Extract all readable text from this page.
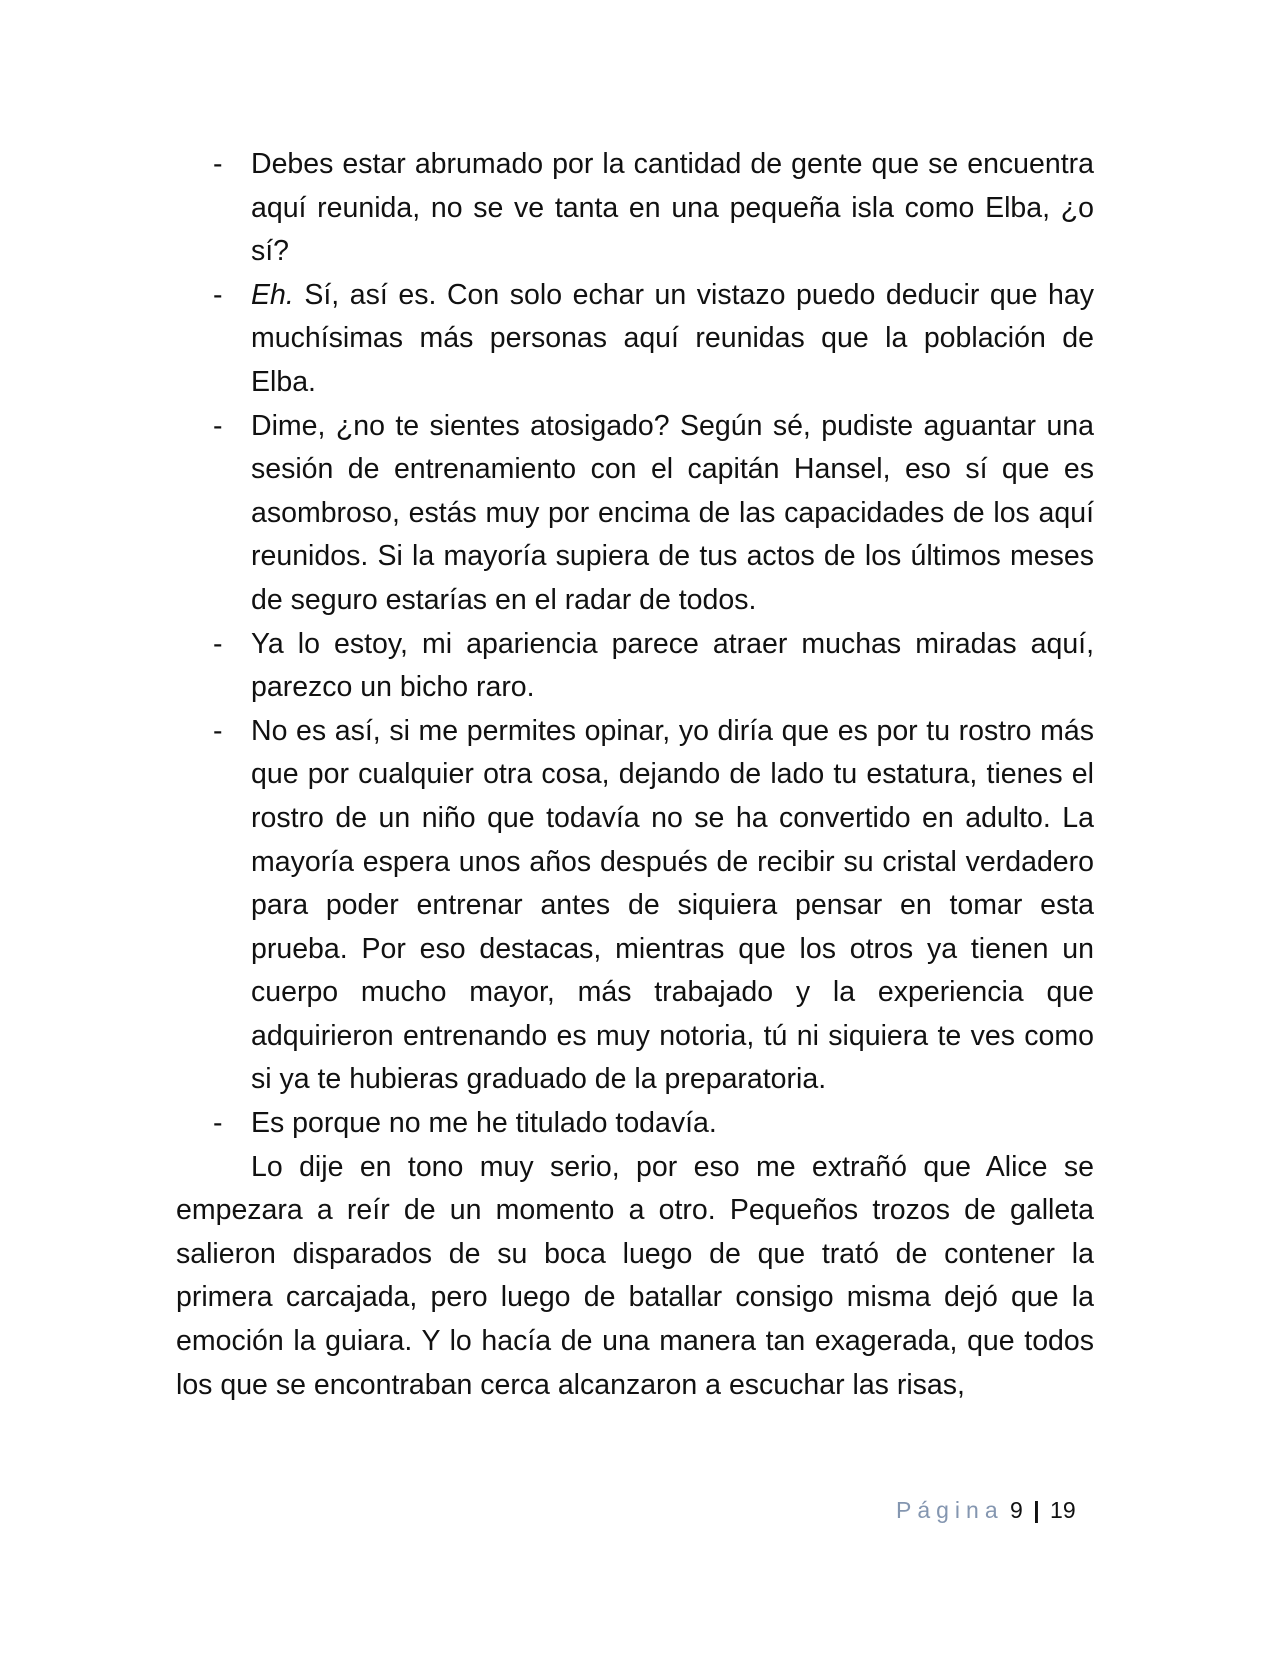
- Debes estar abrumado por la cantidad de gente que se encuentra aquí reunida, no se ve tanta en una pequeña isla como Elba, ¿o sí?
- Eh. Sí, así es. Con solo echar un vistazo puedo deducir que hay muchísimas más personas aquí reunidas que la población de Elba.
- Dime, ¿no te sientes atosigado? Según sé, pudiste aguantar una sesión de entrenamiento con el capitán Hansel, eso sí que es asombroso, estás muy por encima de las capacidades de los aquí reunidos. Si la mayoría supiera de tus actos de los últimos meses de seguro estarías en el radar de todos.
- Ya lo estoy, mi apariencia parece atraer muchas miradas aquí, parezco un bicho raro.
- No es así, si me permites opinar, yo diría que es por tu rostro más que por cualquier otra cosa, dejando de lado tu estatura, tienes el rostro de un niño que todavía no se ha convertido en adulto. La mayoría espera unos años después de recibir su cristal verdadero para poder entrenar antes de siquiera pensar en tomar esta prueba. Por eso destacas, mientras que los otros ya tienen un cuerpo mucho mayor, más trabajado y la experiencia que adquirieron entrenando es muy notoria, tú ni siquiera te ves como si ya te hubieras graduado de la preparatoria.
- Es porque no me he titulado todavía.

Lo dije en tono muy serio, por eso me extrañó que Alice se empezara a reír de un momento a otro. Pequeños trozos de galleta salieron disparados de su boca luego de que trató de contener la primera carcajada, pero luego de batallar consigo misma dejó que la emoción la guiara. Y lo hacía de una manera tan exagerada, que todos los que se encontraban cerca alcanzaron a escuchar las risas,

Página 9 | 19
